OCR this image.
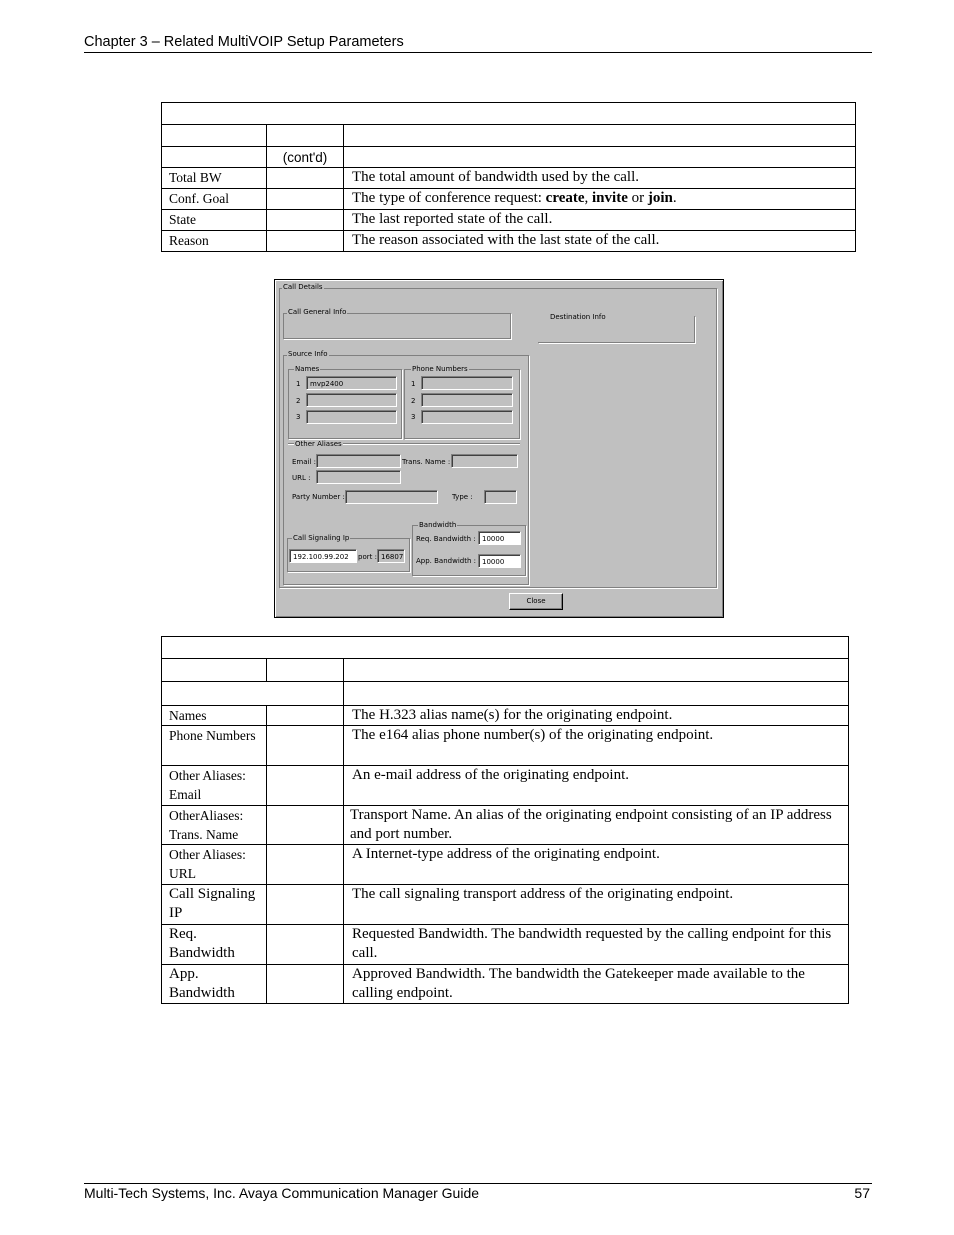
Chapter 3 – Related MultiVOIP Setup Parameters

	(cont'd)	
Total BW		The total amount of bandwidth used by the call.
Conf. Goal		The type of conference request: create, invite or join.
State		The last reported state of the call.
Reason		The reason associated with the last state of the call.
Call Details
Call General Info
Destination Info
Source Info
Names
1
2
3
mvp2400
Phone Numbers
1
2
3
Other Aliases
Email :	Trans. Name :
URL :
Party Number :	Type :
Call Signaling Ip
192.100.99.202	port : 16807
Bandwidth
Req. Bandwidth : 10000
App. Bandwidth : 10000
Close

Names		The H.323 alias name(s) for the originating endpoint.
Phone Numbers		The e164 alias phone number(s) of the originating endpoint.
Other Aliases: Email		An e-mail address of the originating endpoint.
OtherAliases: Trans. Name		Transport Name. An alias of the originating endpoint consisting of an IP address and port number.
Other Aliases: URL		A Internet-type address of the originating endpoint.
Call Signaling IP		The call signaling transport address of the originating endpoint.
Req. Bandwidth		Requested Bandwidth. The bandwidth requested by the calling endpoint for this call.
App. Bandwidth		Approved Bandwidth. The bandwidth the Gatekeeper made available to the calling endpoint.
Multi-Tech Systems, Inc. Avaya Communication Manager Guide	57
